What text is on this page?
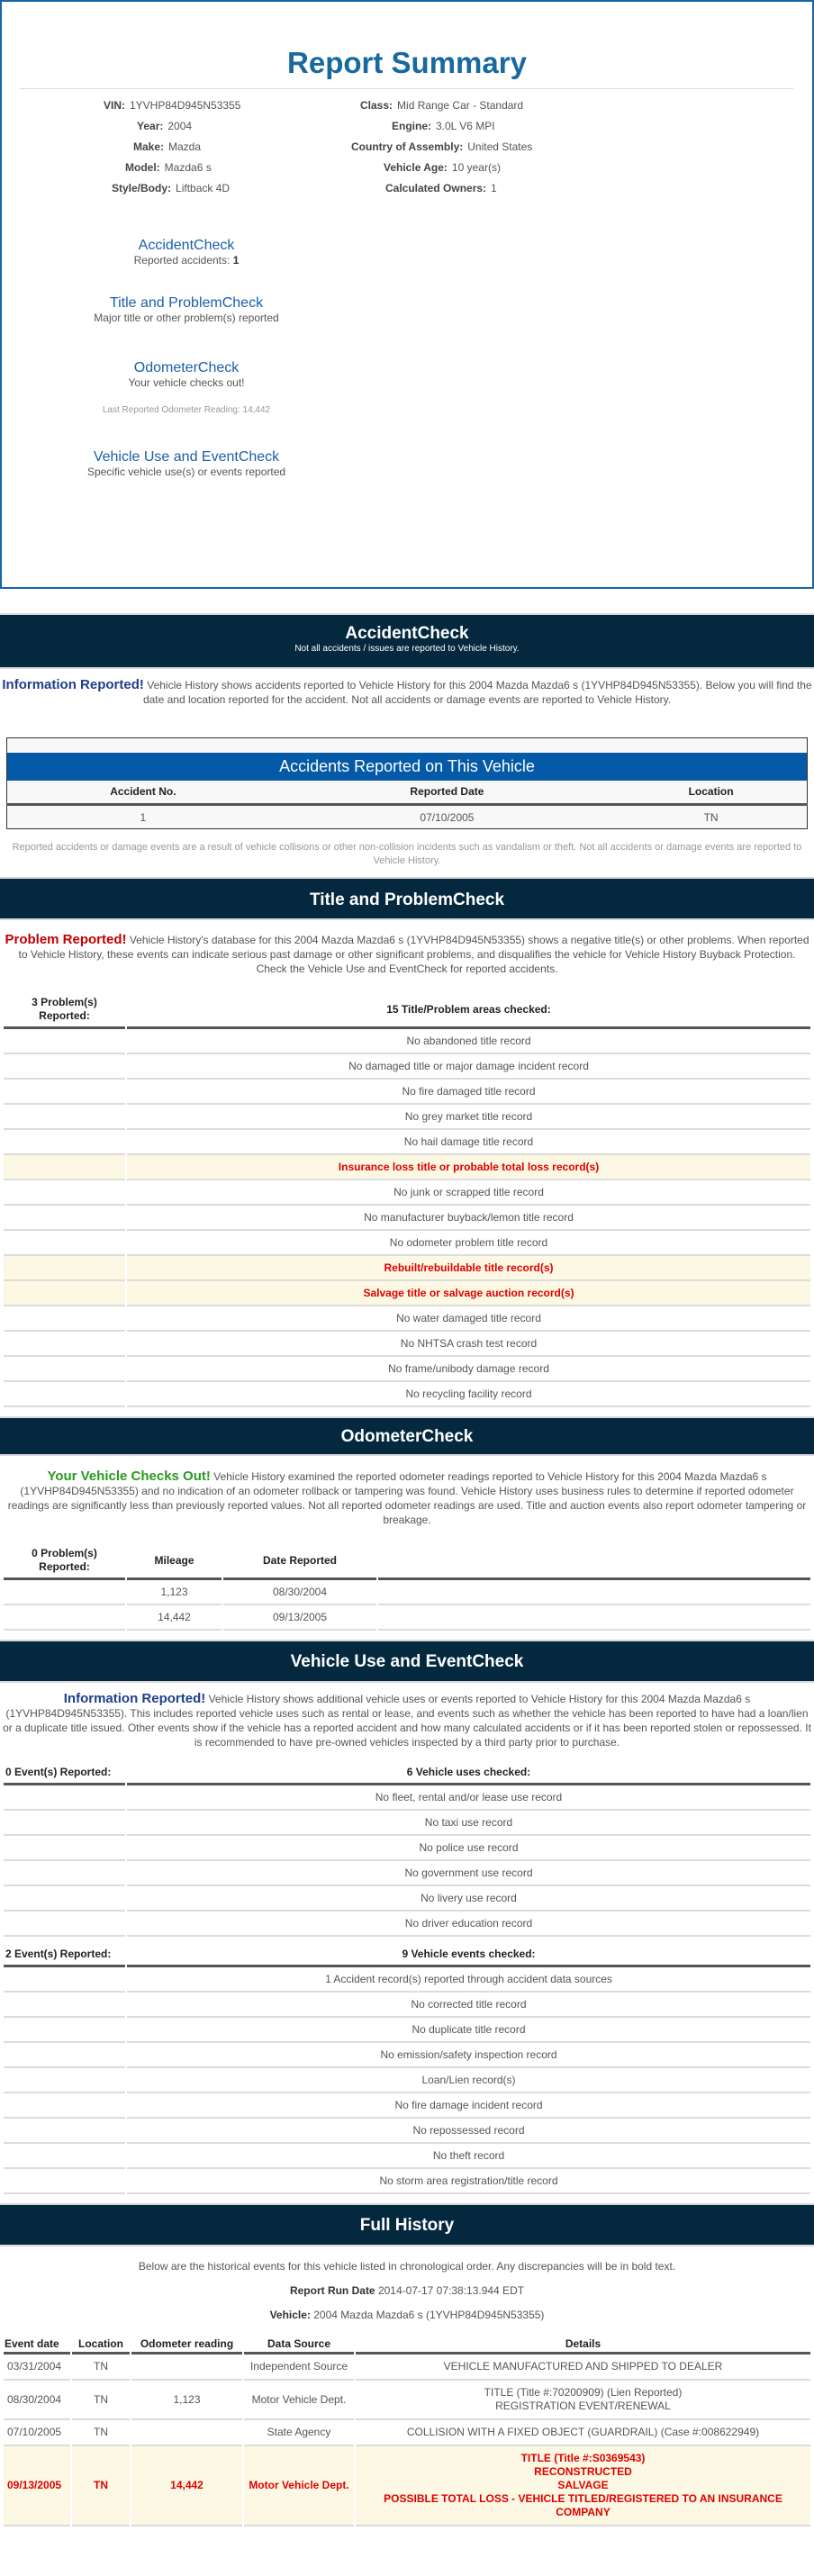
Report Summary
VIN: 1YVHP84D945N53355
Year: 2004
Make: Mazda
Model: Mazda6 s
Style/Body: Liftback 4D
Class: Mid Range Car - Standard
Engine: 3.0L V6 MPI
Country of Assembly: United States
Vehicle Age: 10 year(s)
Calculated Owners: 1
AccidentCheck
Reported accidents: 1
Title and ProblemCheck
Major title or other problem(s) reported
OdometerCheck
Your vehicle checks out!
Last Reported Odometer Reading: 14,442
Vehicle Use and EventCheck
Specific vehicle use(s) or events reported
AccidentCheck
Not all accidents / issues are reported to Vehicle History.
Information Reported! Vehicle History shows accidents reported to Vehicle History for this 2004 Mazda Mazda6 s (1YVHP84D945N53355). Below you will find the date and location reported for the accident. Not all accidents or damage events are reported to Vehicle History.

Accidents Reported on This Vehicle		
Accident No.	Reported Date	Location
1	07/10/2005	TN
Reported accidents or damage events are a result of vehicle collisions or other non-collision incidents such as vandalism or theft. Not all accidents or damage events are reported to Vehicle History.
Title and ProblemCheck
Problem Reported! Vehicle History's database for this 2004 Mazda Mazda6 s (1YVHP84D945N53355) shows a negative title(s) or other problems. When reported to Vehicle History, these events can indicate serious past damage or other significant problems, and disqualifies the vehicle for Vehicle History Buyback Protection. Check the Vehicle Use and EventCheck for reported accidents.
3 Problem(s) Reported:	15 Title/Problem areas checked:
	No abandoned title record
	No damaged title or major damage incident record
	No fire damaged title record
	No grey market title record
	No hail damage title record
	Insurance loss title or probable total loss record(s)
	No junk or scrapped title record
	No manufacturer buyback/lemon title record
	No odometer problem title record
	Rebuilt/rebuildable title record(s)
	Salvage title or salvage auction record(s)
	No water damaged title record
	No NHTSA crash test record
	No frame/unibody damage record
	No recycling facility record
OdometerCheck
Your Vehicle Checks Out! Vehicle History examined the reported odometer readings reported to Vehicle History for this 2004 Mazda Mazda6 s (1YVHP84D945N53355) and no indication of an odometer rollback or tampering was found. Vehicle History uses business rules to determine if reported odometer readings are significantly less than previously reported values. Not all reported odometer readings are used. Title and auction events also report odometer tampering or breakage.
0 Problem(s) Reported:	Mileage	Date Reported	
	1,123	08/30/2004	
	14,442	09/13/2005	
Vehicle Use and EventCheck
Information Reported! Vehicle History shows additional vehicle uses or events reported to Vehicle History for this 2004 Mazda Mazda6 s (1YVHP84D945N53355). This includes reported vehicle uses such as rental or lease, and events such as whether the vehicle has been reported to have had a loan/lien or a duplicate title issued. Other events show if the vehicle has a reported accident and how many calculated accidents or if it has been reported stolen or repossessed. It is recommended to have pre-owned vehicles inspected by a third party prior to purchase.
0 Event(s) Reported:	6 Vehicle uses checked:
	No fleet, rental and/or lease use record
	No taxi use record
	No police use record
	No government use record
	No livery use record
	No driver education record
2 Event(s) Reported:	9 Vehicle events checked:
	1 Accident record(s) reported through accident data sources
	No corrected title record
	No duplicate title record
	No emission/safety inspection record
	Loan/Lien record(s)
	No fire damage incident record
	No repossessed record
	No theft record
	No storm area registration/title record
Full History
Below are the historical events for this vehicle listed in chronological order. Any discrepancies will be in bold text.
Report Run Date 2014-07-17 07:38:13.944 EDT
Vehicle: 2004 Mazda Mazda6 s (1YVHP84D945N53355)
Event date	Location	Odometer reading	Data Source	Details
03/31/2004	TN		Independent Source	VEHICLE MANUFACTURED AND SHIPPED TO DEALER

08/30/2004	TN	1,123	Motor Vehicle Dept.	TITLE (Title #:70200909) (Lien Reported)
REGISTRATION EVENT/RENEWAL

07/10/2005	TN		State Agency	COLLISION WITH A FIXED OBJECT (GUARDRAIL) (Case #:008622949)

09/13/2005	TN	14,442	Motor Vehicle Dept.	TITLE (Title #:S0369543)
RECONSTRUCTED
SALVAGE
POSSIBLE TOTAL LOSS - VEHICLE TITLED/REGISTERED TO AN INSURANCE COMPANY
